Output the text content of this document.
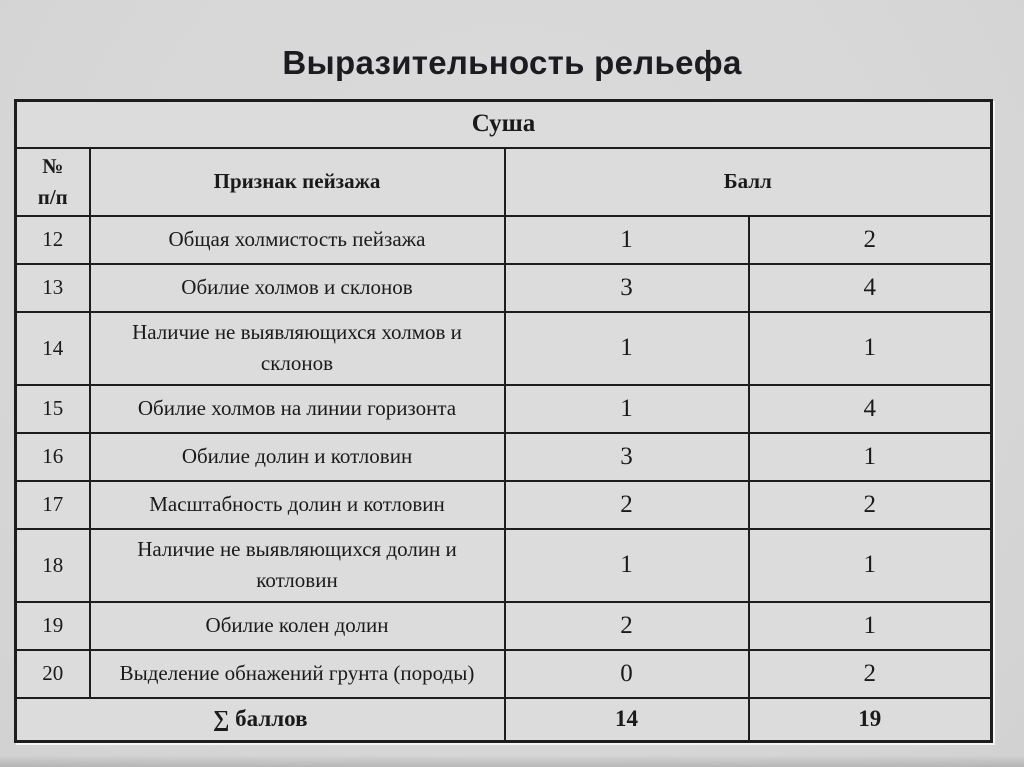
Выразительность рельефа
Суша			

№
п/п	Признак пейзажа	Балл	
12	Общая холмистость пейзажа	1	2
13	Обилие холмов и склонов	3	4
14	Наличие не выявляющихся холмов и склонов	1	1
15	Обилие холмов на линии горизонта	1	4
16	Обилие долин и котловин	3	1
17	Масштабность долин и котловин	2	2
18	Наличие не выявляющихся долин и котловин	1	1
19	Обилие колен долин	2	1
20	Выделение обнажений грунта (породы)	0	2
∑ баллов		14	19
